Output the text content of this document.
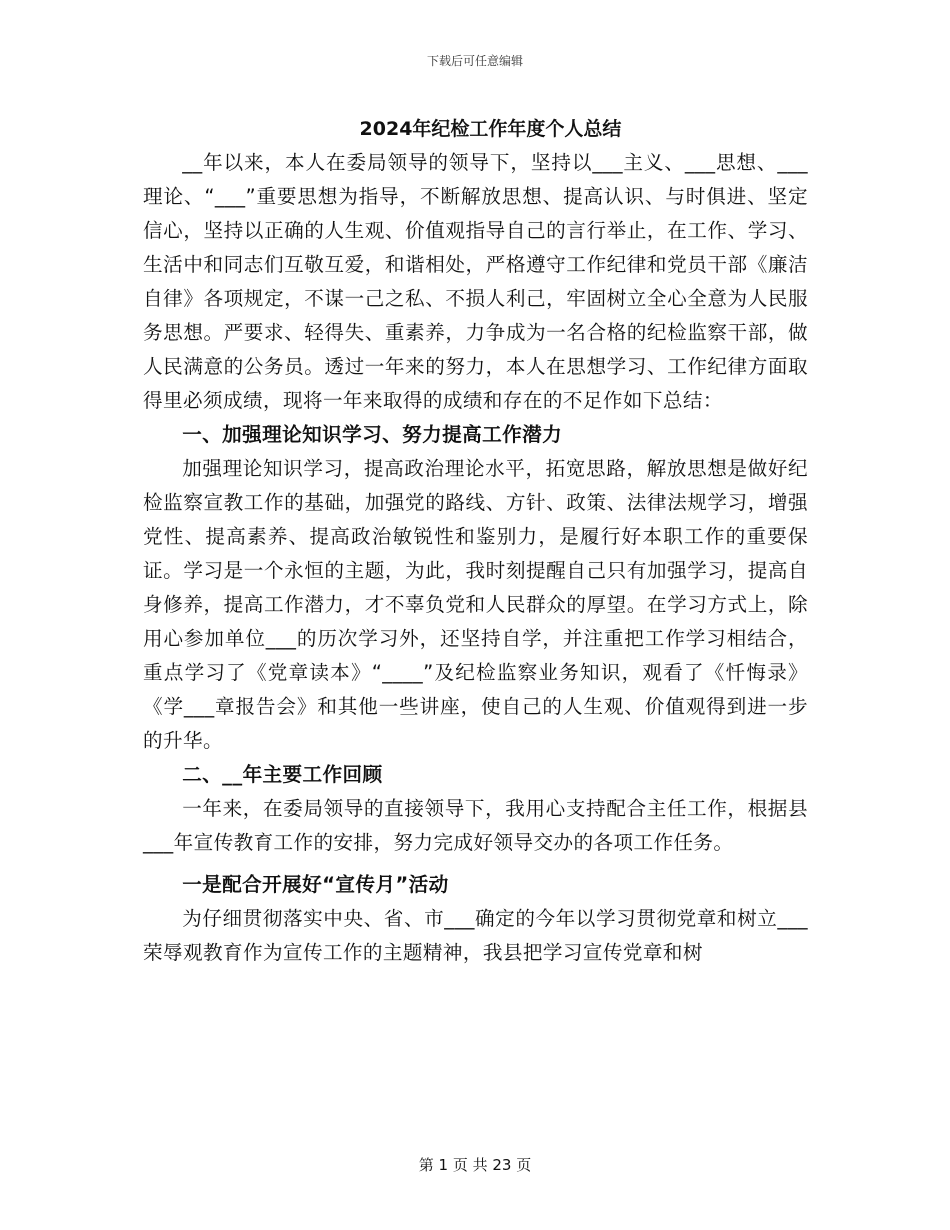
下载后可任意编辑
2024年纪检工作年度个人总结

__年以来，本人在委局领导的领导下，坚持以___主义、___思想、___理论、“___”重要思想为指导，不断解放思想、提高认识、与时俱进、坚定信心，坚持以正确的人生观、价值观指导自己的言行举止，在工作、学习、生活中和同志们互敬互爱，和谐相处，严格遵守工作纪律和党员干部《廉洁自律》各项规定，不谋一己之私、不损人利己，牢固树立全心全意为人民服务思想。严要求、轻得失、重素养，力争成为一名合格的纪检监察干部，做人民满意的公务员。透过一年来的努力，本人在思想学习、工作纪律方面取得里必须成绩，现将一年来取得的成绩和存在的不足作如下总结：

一、加强理论知识学习、努力提高工作潜力

加强理论知识学习，提高政治理论水平，拓宽思路，解放思想是做好纪检监察宣教工作的基础，加强党的路线、方针、政策、法律法规学习，增强党性、提高素养、提高政治敏锐性和鉴别力，是履行好本职工作的重要保证。学习是一个永恒的主题，为此，我时刻提醒自己只有加强学习，提高自身修养，提高工作潜力，才不辜负党和人民群众的厚望。在学习方式上，除用心参加单位___的历次学习外，还坚持自学，并注重把工作学习相结合，重点学习了《党章读本》“____”及纪检监察业务知识，观看了《忏悔录》《学___章报告会》和其他一些讲座，使自己的人生观、价值观得到进一步的升华。

二、__年主要工作回顾

一年来，在委局领导的直接领导下，我用心支持配合主任工作，根据县___年宣传教育工作的安排，努力完成好领导交办的各项工作任务。

一是配合开展好“宣传月”活动

为仔细贯彻落实中央、省、市___确定的今年以学习贯彻党章和树立___荣辱观教育作为宣传工作的主题精神，我县把学习宣传党章和树

第 1 页 共 23 页
